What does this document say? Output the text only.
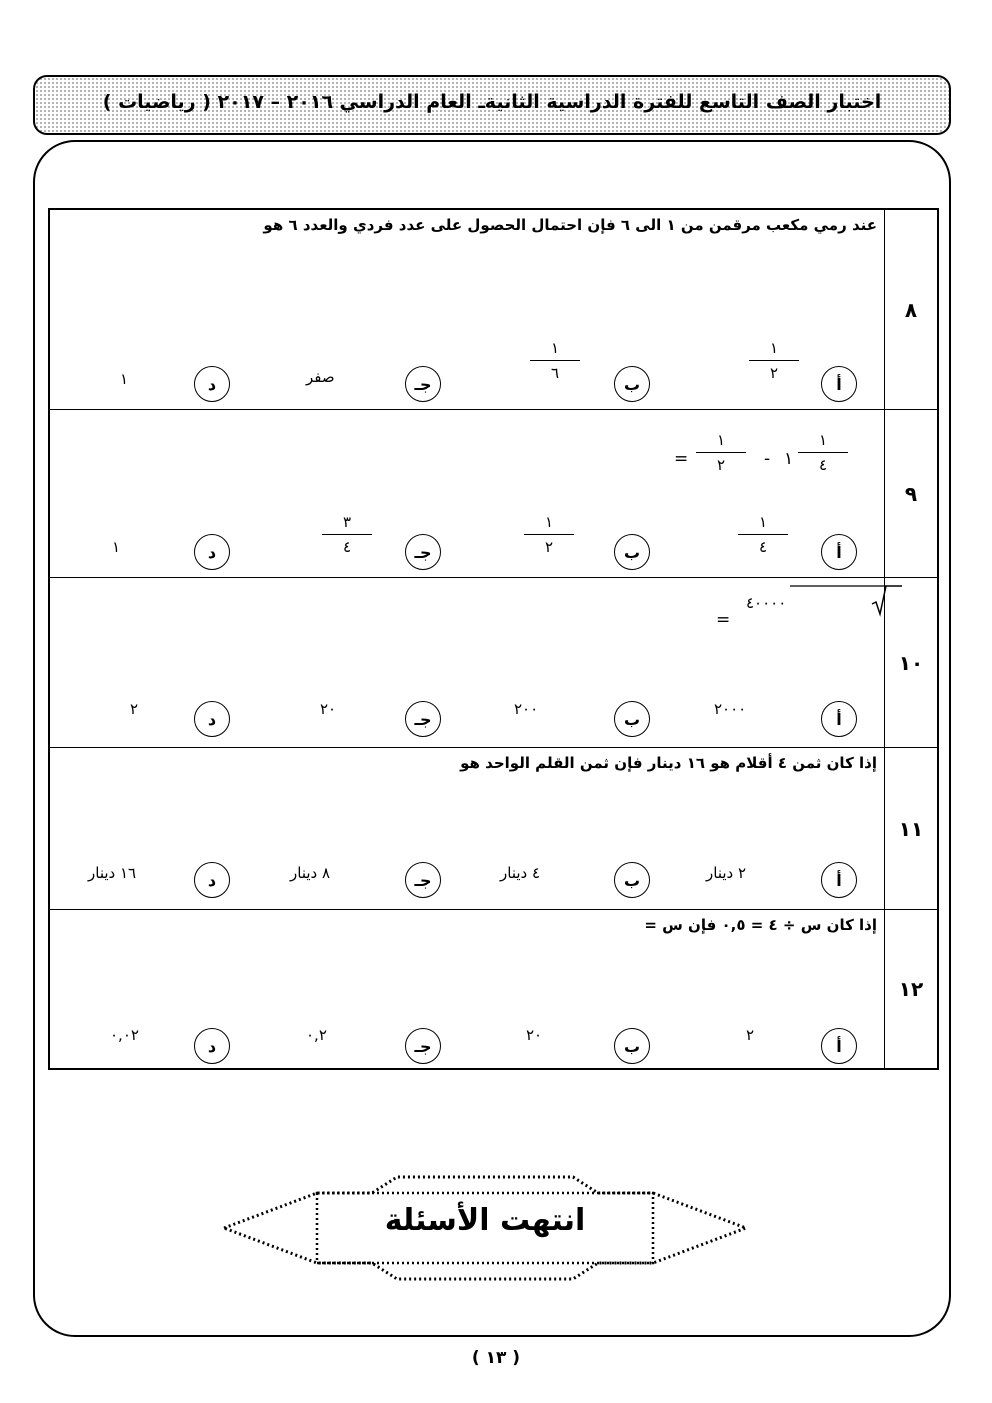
اختبار الصف التاسع للفترة الدراسية الثانيةـ العام الدراسي ٢٠١٦ – ٢٠١٧ ( رياضيات )
٨
عند رمي مكعب مرقمن من ١ الى ٦ فإن احتمال الحصول على عدد فردي والعدد ٦ هو
أ
١
٢
ب
١
٦
جـ
صفر
د
١
٩
١
٤
١
-
١
٢
=
أ
١
٤
ب
١
٢
جـ
٣
٤
د
١
١٠
٤٠٠٠٠
=
أ
٢٠٠٠
ب
٢٠٠
جـ
٢٠
د
٢
١١
إذا كان ثمن ٤ أقلام هو ١٦ دينار فإن ثمن القلم الواحد هو
أ
٢ دينار
ب
٤ دينار
جـ
٨ دينار
د
١٦ دينار
١٢
إذا كان س ÷ ٤ = ٠,٥ فإن س =
أ
٢
ب
٢٠
جـ
٠,٢
د
٠,٠٢
انتهت الأسئلة
( ١٣ )
